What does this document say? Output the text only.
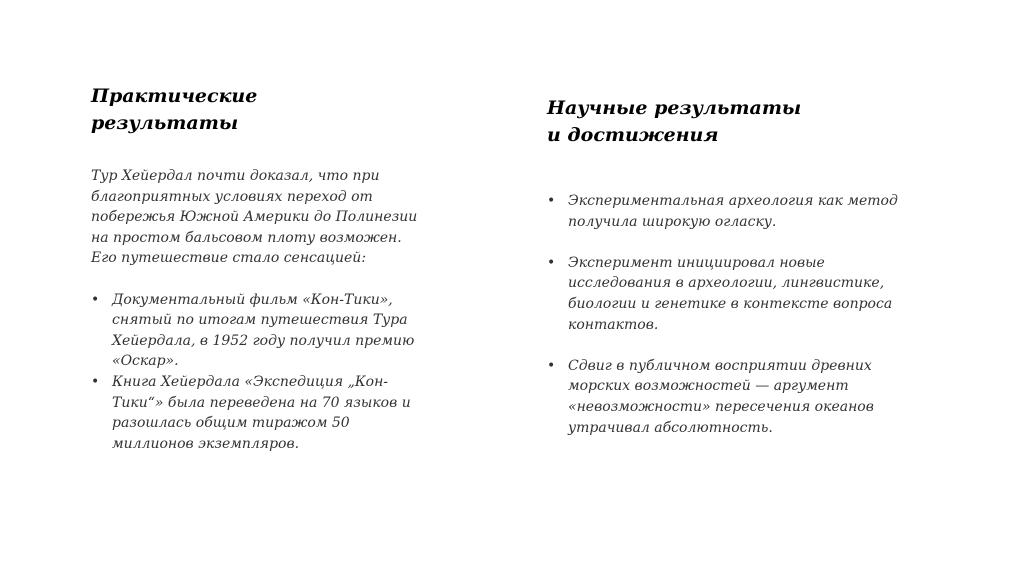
Практические
результаты
Тур Хейердал почти доказал, что при
благоприятных условиях переход от
побережья Южной Америки до Полинезии
на простом бальсовом плоту возможен.
Его путешествие стало сенсацией:
• Документальный фильм «Кон-Тики»,
снятый по итогам путешествия Тура
Хейердала, в 1952 году получил премию
«Оскар».
• Книга Хейердала «Экспедиция „Кон-
Тики“» была переведена на 70 языков и
разошлась общим тиражом 50
миллионов экземпляров.
Научные результаты
и достижения
• Экспериментальная археология как метод
получила широкую огласку.
• Эксперимент инициировал новые
исследования в археологии, лингвистике,
биологии и генетике в контексте вопроса
контактов.
• Сдвиг в публичном восприятии древних
морских возможностей — аргумент
«невозможности» пересечения океанов
утрачивал абсолютность.
